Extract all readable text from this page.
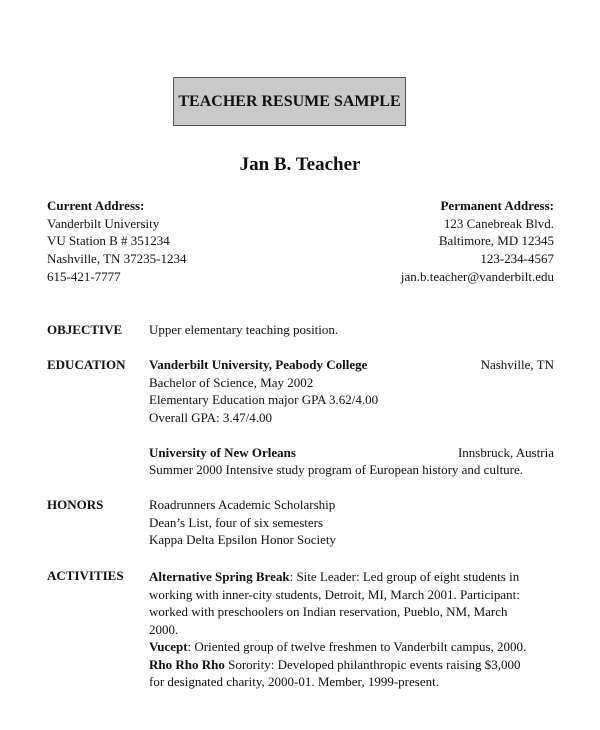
TEACHER RESUME SAMPLE
Jan B. Teacher
Current Address:
Vanderbilt University
VU Station B # 351234
Nashville, TN 37235-1234
615-421-7777
Permanent Address:
123 Canebreak Blvd.
Baltimore, MD 12345
123-234-4567
jan.b.teacher@vanderbilt.edu
OBJECTIVE Upper elementary teaching position.
EDUCATION Vanderbilt University, Peabody College	Nashville, TN
Bachelor of Science, May 2002
Elementary Education major GPA 3.62/4.00
Overall GPA: 3.47/4.00
University of New Orleans	Innsbruck, Austria
Summer 2000 Intensive study program of European history and culture.
HONORS	Roadrunners Academic Scholarship
Dean’s List, four of six semesters
Kappa Delta Epsilon Honor Society
ACTIVITIES Alternative Spring Break: Site Leader: Led group of eight students in working with inner-city students, Detroit, MI, March 2001. Participant: worked with preschoolers on Indian reservation, Pueblo, NM, March 2000.
Vucept: Oriented group of twelve freshmen to Vanderbilt campus, 2000.
Rho Rho Rho Sorority: Developed philanthropic events raising $3,000 for designated charity, 2000-01. Member, 1999-present.
